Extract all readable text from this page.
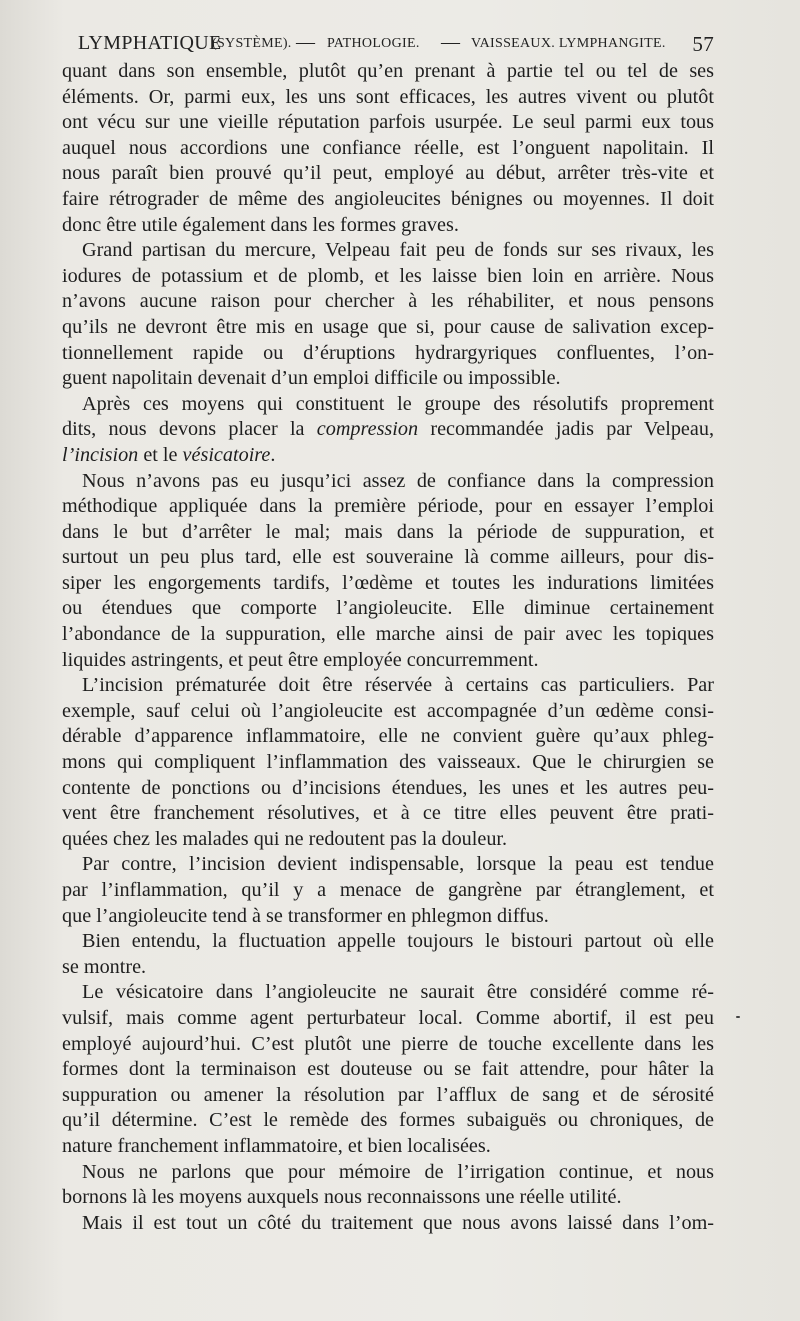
LYMPHATIQUE
(SYSTÈME). — PATHOLOGIE. — VAISSEAUX. LYMPHANGITE. 57
quant dans son ensemble, plutôt qu’en prenant à partie tel ou tel de ses
éléments. Or, parmi eux, les uns sont efficaces, les autres vivent ou plutôt
ont vécu sur une vieille réputation parfois usurpée. Le seul parmi eux tous
auquel nous accordions une confiance réelle, est l’onguent napolitain. Il
nous paraît bien prouvé qu’il peut, employé au début, arrêter très-vite et
faire rétrograder de même des angioleucites bénignes ou moyennes. Il doit
donc être utile également dans les formes graves.
Grand partisan du mercure, Velpeau fait peu de fonds sur ses rivaux, les
iodures de potassium et de plomb, et les laisse bien loin en arrière. Nous
n’avons aucune raison pour chercher à les réhabiliter, et nous pensons
qu’ils ne devront être mis en usage que si, pour cause de salivation excep-
tionnellement rapide ou d’éruptions hydrargyriques confluentes, l’on-
guent napolitain devenait d’un emploi difficile ou impossible.
Après ces moyens qui constituent le groupe des résolutifs proprement
dits, nous devons placer la compression recommandée jadis par Velpeau,
l’incision et le vésicatoire.
Nous n’avons pas eu jusqu’ici assez de confiance dans la compression
méthodique appliquée dans la première période, pour en essayer l’emploi
dans le but d’arrêter le mal; mais dans la période de suppuration, et
surtout un peu plus tard, elle est souveraine là comme ailleurs, pour dis-
siper les engorgements tardifs, l’œdème et toutes les indurations limitées
ou étendues que comporte l’angioleucite. Elle diminue certainement
l’abondance de la suppuration, elle marche ainsi de pair avec les topiques
liquides astringents, et peut être employée concurremment.
L’incision prématurée doit être réservée à certains cas particuliers. Par
exemple, sauf celui où l’angioleucite est accompagnée d’un œdème consi-
dérable d’apparence inflammatoire, elle ne convient guère qu’aux phleg-
mons qui compliquent l’inflammation des vaisseaux. Que le chirurgien se
contente de ponctions ou d’incisions étendues, les unes et les autres peu-
vent être franchement résolutives, et à ce titre elles peuvent être prati-
quées chez les malades qui ne redoutent pas la douleur.
Par contre, l’incision devient indispensable, lorsque la peau est tendue
par l’inflammation, qu’il y a menace de gangrène par étranglement, et
que l’angioleucite tend à se transformer en phlegmon diffus.
Bien entendu, la fluctuation appelle toujours le bistouri partout où elle
se montre.
Le vésicatoire dans l’angioleucite ne saurait être considéré comme ré-
vulsif, mais comme agent perturbateur local. Comme abortif, il est peu
employé aujourd’hui. C’est plutôt une pierre de touche excellente dans les
formes dont la terminaison est douteuse ou se fait attendre, pour hâter la
suppuration ou amener la résolution par l’afflux de sang et de sérosité
qu’il détermine. C’est le remède des formes subaiguës ou chroniques, de
nature franchement inflammatoire, et bien localisées.
Nous ne parlons que pour mémoire de l’irrigation continue, et nous
bornons là les moyens auxquels nous reconnaissons une réelle utilité.
Mais il est tout un côté du traitement que nous avons laissé dans l’om-
